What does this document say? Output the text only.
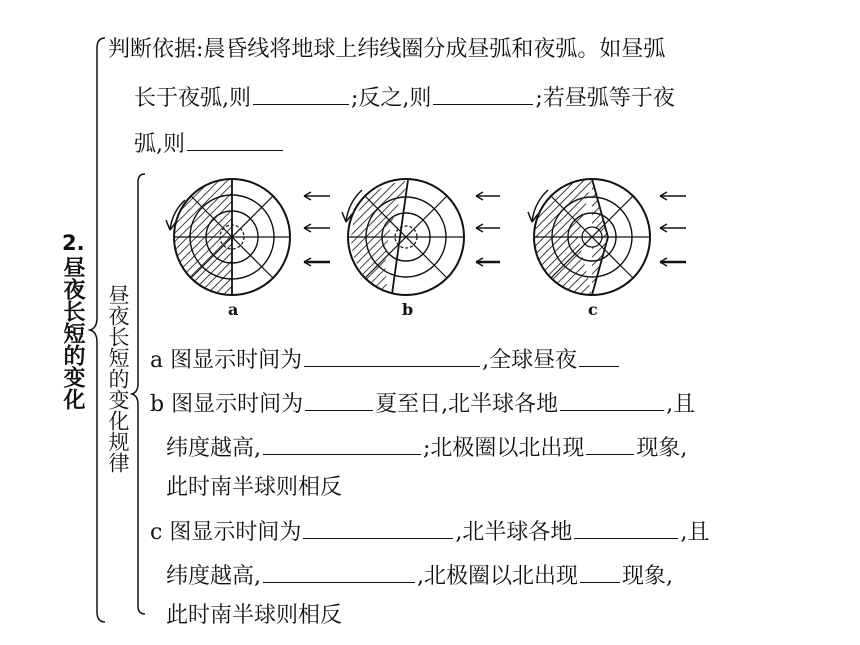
a	b	c
2.
昼夜长短的变化 昼夜长短的变化规律
判断依据:晨昏线将地球上纬线圈分成昼弧和夜弧。如昼弧
长于夜弧,则	;反之,则	;若昼弧等于夜
弧,则
a 图显示时间为	,全球昼夜
b 图显示时间为	夏至日,北半球各地	,且
纬度越高,	;北极圈以北出现 现象,
此时南半球则相反
c 图显示时间为	,北半球各地	,且
纬度越高,	,北极圈以北出现 现象,
此时南半球则相反
